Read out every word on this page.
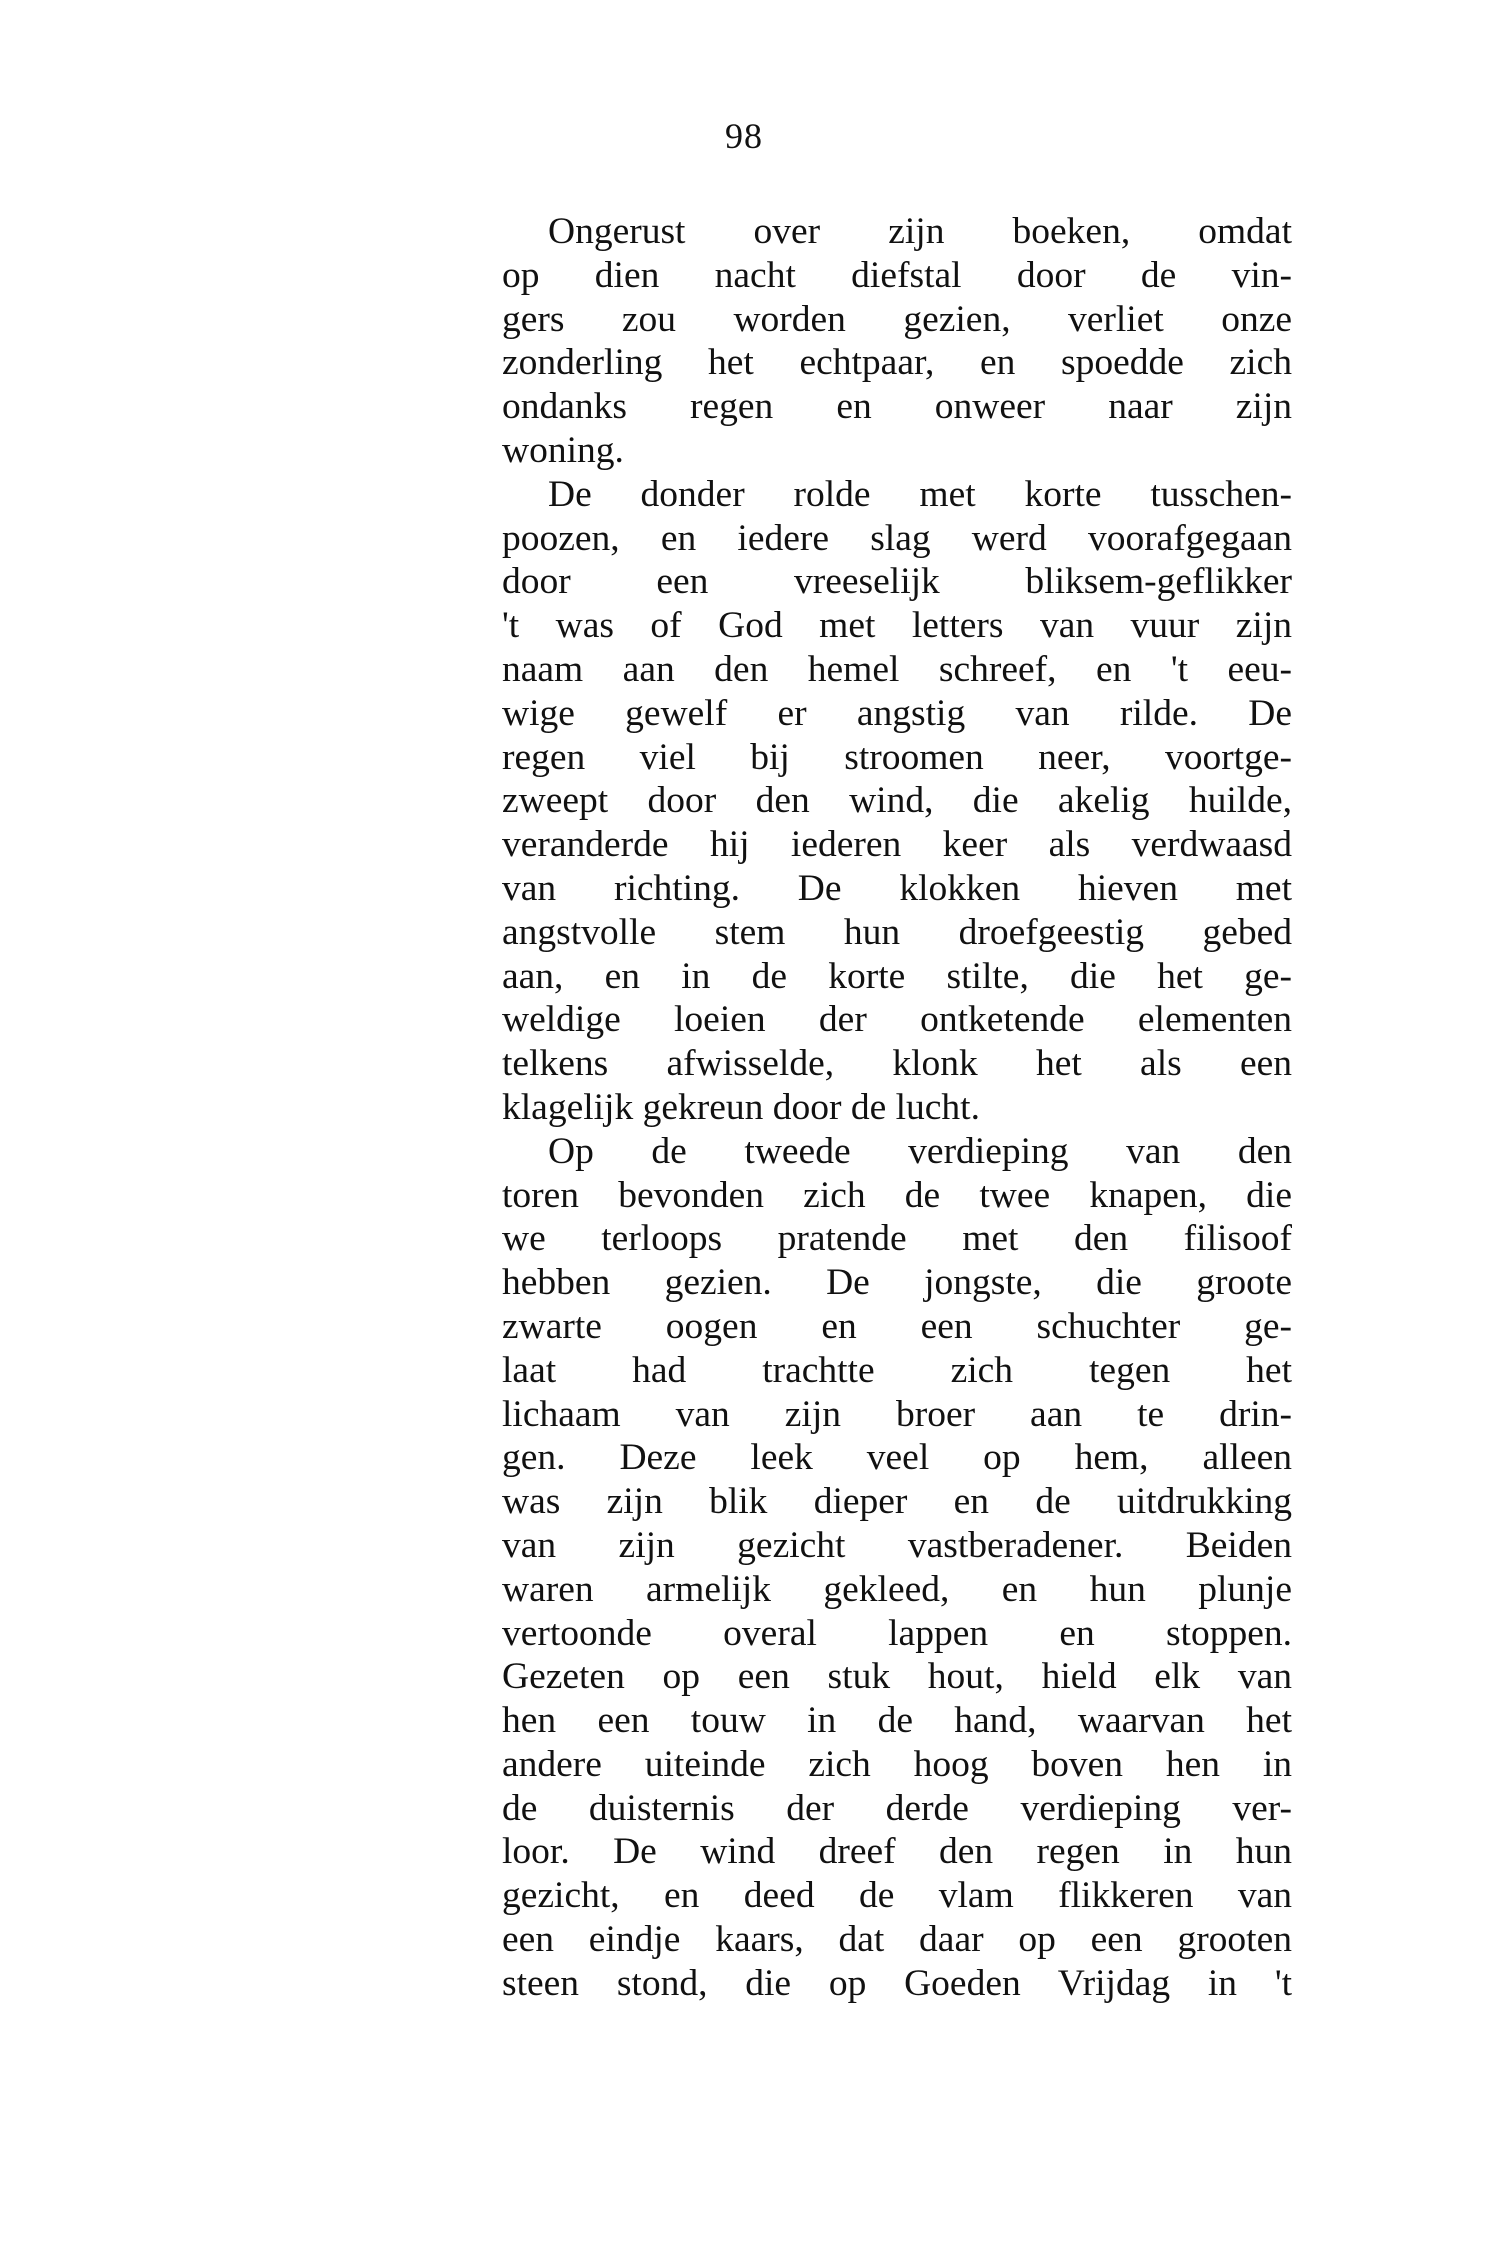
98
Ongerust over zijn boeken, omdat
op dien nacht diefstal door de vin-
gers zou worden gezien, verliet onze
zonderling het echtpaar, en spoedde zich
ondanks regen en onweer naar zijn
woning.
De donder rolde met korte tusschen-
poozen, en iedere slag werd voorafgegaan
door een vreeselijk bliksem-geflikker
't was of God met letters van vuur zijn
naam aan den hemel schreef, en 't eeu-
wige gewelf er angstig van rilde. De
regen viel bij stroomen neer, voortge-
zweept door den wind, die akelig huilde,
veranderde hij iederen keer als verdwaasd
van richting. De klokken hieven met
angstvolle stem hun droefgeestig gebed
aan, en in de korte stilte, die het ge-
weldige loeien der ontketende elementen
telkens afwisselde, klonk het als een
klagelijk gekreun door de lucht.
Op de tweede verdieping van den
toren bevonden zich de twee knapen, die
we terloops pratende met den filisoof
hebben gezien. De jongste, die groote
zwarte oogen en een schuchter ge-
laat had trachtte zich tegen het
lichaam van zijn broer aan te drin-
gen. Deze leek veel op hem, alleen
was zijn blik dieper en de uitdrukking
van zijn gezicht vastberadener. Beiden
waren armelijk gekleed, en hun plunje
vertoonde overal lappen en stoppen.
Gezeten op een stuk hout, hield elk van
hen een touw in de hand, waarvan het
andere uiteinde zich hoog boven hen in
de duisternis der derde verdieping ver-
loor. De wind dreef den regen in hun
gezicht, en deed de vlam flikkeren van
een eindje kaars, dat daar op een grooten
steen stond, die op Goeden Vrijdag in 't
